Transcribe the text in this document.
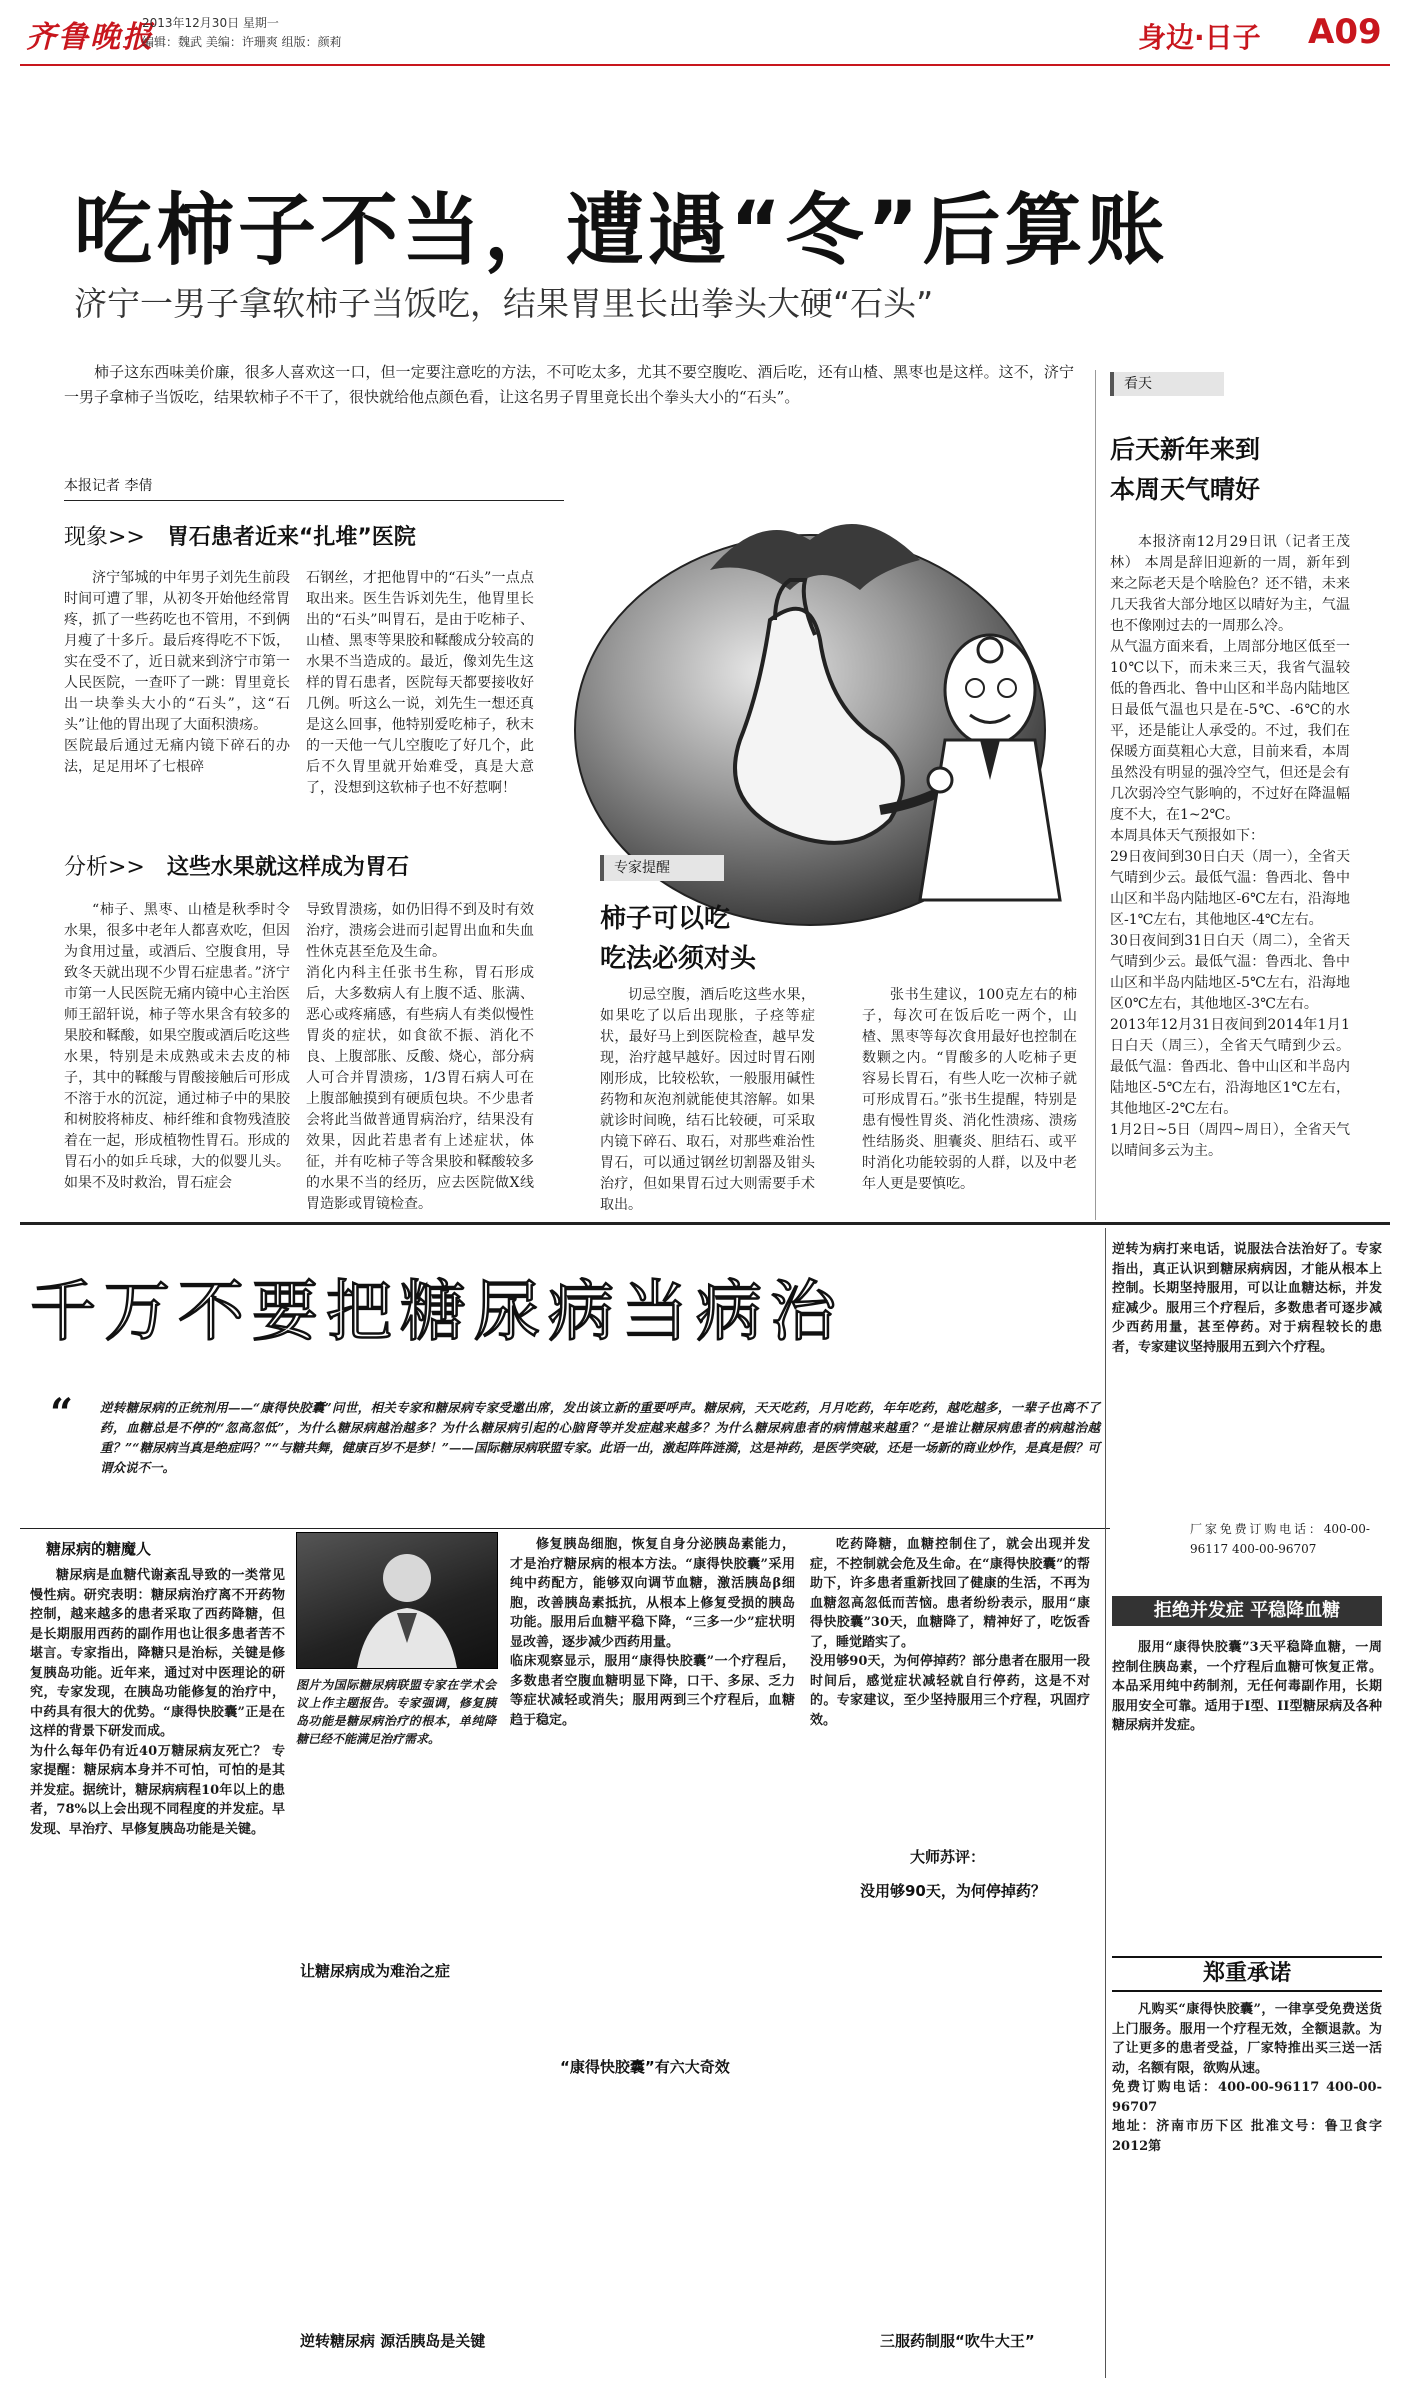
齐鲁晚报
2013年12月30日 星期一
编辑：魏武 美编：许珊爽 组版：颜莉	身边·日子 A09
吃柿子不当，遭遇“冬”后算账
济宁一男子拿软柿子当饭吃，结果胃里长出拳头大硬“石头”
柿子这东西味美价廉，很多人喜欢这一口，但一定要注意吃的方法，不可吃太多，尤其不要空腹吃、酒后吃，还有山楂、黑枣也是这样。这不，济宁一男子拿柿子当饭吃，结果软柿子不干了，很快就给他点颜色看，让这名男子胃里竟长出个拳头大小的“石头”。
本报记者 李倩
现象>> 胃石患者近来“扎堆”医院
济宁邹城的中年男子刘先生前段时间可遭了罪，从初冬开始他经常胃疼，抓了一些药吃也不管用，不到俩月瘦了十多斤。最后疼得吃不下饭，实在受不了，近日就来到济宁市第一人民医院，一查吓了一跳：胃里竟长出一块拳头大小的“石头”，这“石头”让他的胃出现了大面积溃疡。
医院最后通过无痛内镜下碎石的办法，足足用坏了七根碎
石钢丝，才把他胃中的“石头”一点点取出来。医生告诉刘先生，他胃里长出的“石头”叫胃石，是由于吃柿子、山楂、黑枣等果胶和鞣酸成分较高的水果不当造成的。最近，像刘先生这样的胃石患者，医院每天都要接收好几例。听这么一说，刘先生一想还真是这么回事，他特别爱吃柿子，秋末的一天他一气儿空腹吃了好几个，此后不久胃里就开始难受，真是大意了，没想到这软柿子也不好惹啊！
分析>> 这些水果就这样成为胃石
“柿子、黑枣、山楂是秋季时令水果，很多中老年人都喜欢吃，但因为食用过量，或酒后、空腹食用，导致冬天就出现不少胃石症患者。”济宁市第一人民医院无痛内镜中心主治医师王韶轩说，柿子等水果含有较多的果胶和鞣酸，如果空腹或酒后吃这些水果，特别是未成熟或未去皮的柿子，其中的鞣酸与胃酸接触后可形成不溶于水的沉淀，通过柿子中的果胶和树胶将柿皮、柿纤维和食物残渣胶着在一起，形成植物性胃石。形成的胃石小的如乒乓球，大的似婴儿头。如果不及时救治，胃石症会
导致胃溃疡，如仍旧得不到及时有效治疗，溃疡会进而引起胃出血和失血性休克甚至危及生命。
消化内科主任张书生称，胃石形成后，大多数病人有上腹不适、胀满、恶心或疼痛感，有些病人有类似慢性胃炎的症状，如食欲不振、消化不良、上腹部胀、反酸、烧心，部分病人可合并胃溃疡，1/3胃石病人可在上腹部触摸到有硬质包块。不少患者会将此当做普通胃病治疗，结果没有效果，因此若患者有上述症状，体征，并有吃柿子等含果胶和鞣酸较多的水果不当的经历，应去医院做X线胃造影或胃镜检查。
专家提醒
柿子可以吃
吃法必须对头
切忌空腹，酒后吃这些水果，如果吃了以后出现胀，子痉等症状，最好马上到医院检查，越早发现，治疗越早越好。因过时胃石刚刚形成，比较松软，一般服用碱性药物和灰泡剂就能使其溶解。如果就诊时间晚，结石比较硬，可采取内镜下碎石、取石，对那些难治性胃石，可以通过钢丝切割器及钳头治疗，但如果胃石过大则需要手术取出。
张书生建议，100克左右的柿子，每次可在饭后吃一两个，山楂、黑枣等每次食用最好也控制在数颗之内。“胃酸多的人吃柿子更容易长胃石，有些人吃一次柿子就可形成胃石。”张书生提醒，特别是患有慢性胃炎、消化性溃疡、溃疡性结肠炎、胆囊炎、胆结石、或平时消化功能较弱的人群，以及中老年人更是要慎吃。
看天
后天新年来到
本周天气晴好
本报济南12月29日讯（记者王茂林） 本周是辞旧迎新的一周，新年到来之际老天是个啥脸色？还不错，未来几天我省大部分地区以晴好为主，气温也不像刚过去的一周那么冷。
从气温方面来看，上周部分地区低至一10℃以下，而未来三天，我省气温较低的鲁西北、鲁中山区和半岛内陆地区日最低气温也只是在-5℃、-6℃的水平，还是能让人承受的。不过，我们在保暖方面莫粗心大意，目前来看，本周虽然没有明显的强冷空气，但还是会有几次弱冷空气影响的，不过好在降温幅度不大，在1~2℃。
本周具体天气预报如下：
29日夜间到30日白天（周一），全省天气晴到少云。最低气温：鲁西北、鲁中山区和半岛内陆地区-6℃左右，沿海地区-1℃左右，其他地区-4℃左右。
30日夜间到31日白天（周二），全省天气晴到少云。最低气温：鲁西北、鲁中山区和半岛内陆地区-5℃左右，沿海地区0℃左右，其他地区-3℃左右。
2013年12月31日夜间到2014年1月1日白天（周三），全省天气晴到少云。最低气温：鲁西北、鲁中山区和半岛内陆地区-5℃左右，沿海地区1℃左右，其他地区-2℃左右。
1月2日~5日（周四~周日），全省天气以晴间多云为主。
千万不要把糖尿病当病治
“ 逆转糖尿病的正统剂用——“康得快胶囊”问世，相关专家和糖尿病专家受邀出席，发出该立新的重要呼声。糖尿病，天天吃药，月月吃药，年年吃药，越吃越多，一辈子也离不了药，血糖总是不停的“忽高忽低”，为什么糖尿病越治越多？为什么糖尿病引起的心脑肾等并发症越来越多？为什么糖尿病患者的病情越来越重？“是谁让糖尿病患者的病越治越重？”“糖尿病当真是绝症吗？”“与糖共舞，健康百岁不是梦！”——国际糖尿病联盟专家。此语一出，激起阵阵涟漪，这是神药，是医学突破，还是一场新的商业炒作，是真是假？可谓众说不一。
糖尿病的糖魔人
糖尿病是血糖代谢紊乱导致的一类常见慢性病。研究表明：糖尿病治疗离不开药物控制，越来越多的患者采取了西药降糖，但是长期服用西药的副作用也让很多患者苦不堪言。专家指出，降糖只是治标，关键是修复胰岛功能。近年来，通过对中医理论的研究，专家发现，在胰岛功能修复的治疗中，中药具有很大的优势。“康得快胶囊”正是在这样的背景下研发而成。
为什么每年仍有近40万糖尿病友死亡？ 专家提醒：糖尿病本身并不可怕，可怕的是其并发症。据统计，糖尿病病程10年以上的患者，78%以上会出现不同程度的并发症。早发现、早治疗、早修复胰岛功能是关键。
图片为国际糖尿病联盟专家在学术会议上作主题报告。专家强调，修复胰岛功能是糖尿病治疗的根本，单纯降糖已经不能满足治疗需求。
让糖尿病成为难治之症
逆转糖尿病 源活胰岛是关键
修复胰岛细胞，恢复自身分泌胰岛素能力，才是治疗糖尿病的根本方法。“康得快胶囊”采用纯中药配方，能够双向调节血糖，激活胰岛β细胞，改善胰岛素抵抗，从根本上修复受损的胰岛功能。服用后血糖平稳下降，“三多一少”症状明显改善，逐步减少西药用量。
临床观察显示，服用“康得快胶囊”一个疗程后，多数患者空腹血糖明显下降，口干、多尿、乏力等症状减轻或消失；服用两到三个疗程后，血糖趋于稳定。
“康得快胶囊”有六大奇效
吃药降糖，血糖控制住了，就会出现并发症，不控制就会危及生命。在“康得快胶囊”的帮助下，许多患者重新找回了健康的生活，不再为血糖忽高忽低而苦恼。患者纷纷表示，服用“康得快胶囊”30天，血糖降了，精神好了，吃饭香了，睡觉踏实了。
没用够90天，为何停掉药？部分患者在服用一段时间后，感觉症状减轻就自行停药，这是不对的。专家建议，至少坚持服用三个疗程，巩固疗效。
大师苏评：
没用够90天，为何停掉药？
三服药制服“吹牛大王”
逆转为病打来电话，说服法合法治好了。专家指出，真正认识到糖尿病病因，才能从根本上控制。长期坚持服用，可以让血糖达标，并发症减少。服用三个疗程后，多数患者可逐步减少西药用量，甚至停药。对于病程较长的患者，专家建议坚持服用五到六个疗程。
厂家免费订购电话：400-00-96117 400-00-96707
拒绝并发症 平稳降血糖
服用“康得快胶囊”3天平稳降血糖，一周控制住胰岛素，一个疗程后血糖可恢复正常。本品采用纯中药制剂，无任何毒副作用，长期服用安全可靠。适用于I型、II型糖尿病及各种糖尿病并发症。
郑重承诺
凡购买“康得快胶囊”，一律享受免费送货上门服务。服用一个疗程无效，全额退款。为了让更多的患者受益，厂家特推出买三送一活动，名额有限，欲购从速。
免费订购电话：400-00-96117 400-00-96707
地址：济南市历下区 批准文号：鲁卫食字2012第
